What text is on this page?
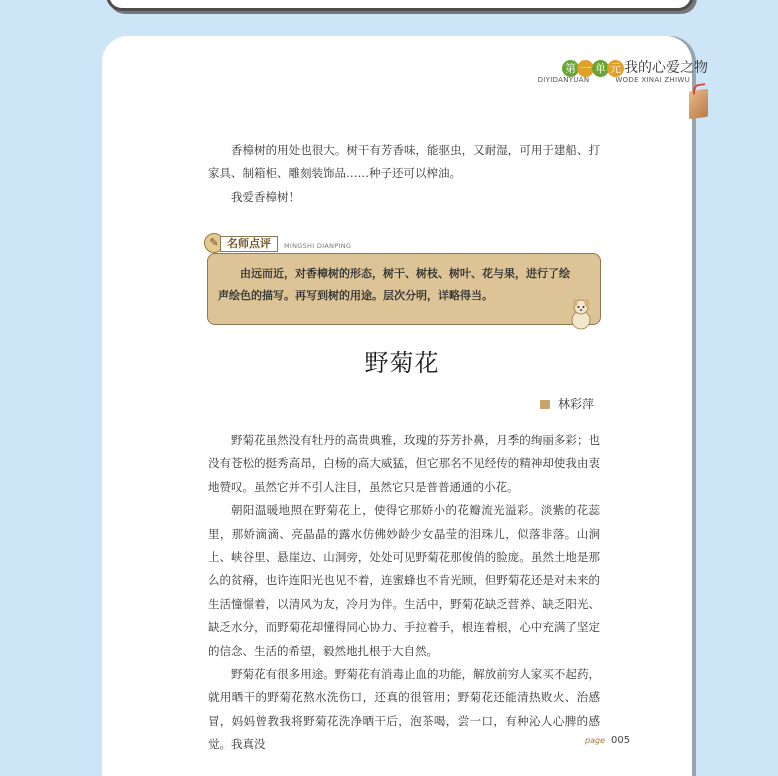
第 一 单 元 我的心爱之物
DIYIDANYUAN	WODE XINAI ZHIWU

香樟树的用处也很大。树干有芳香味，能驱虫，又耐湿，可用于建船、打家具、制箱柜、雕刻装饰品……种子还可以榨油。

我爱香樟树！

✎ 名师点评	MINGSHI DIANPING

由远而近，对香樟树的形态，树干、树枝、树叶、花与果，进行了绘声绘色的描写。再写到树的用途。层次分明，详略得当。

野菊花
林彩萍

野菊花虽然没有牡丹的高贵典雅，玫瑰的芬芳扑鼻，月季的绚丽多彩；也没有苍松的挺秀高昂，白杨的高大威猛，但它那名不见经传的精神却使我由衷地赞叹。虽然它并不引人注目，虽然它只是普普通通的小花。

朝阳温暖地照在野菊花上，使得它那娇小的花瓣流光溢彩。淡紫的花蕊里，那娇滴滴、亮晶晶的露水仿佛妙龄少女晶莹的泪珠儿，似落非落。山涧上、峡谷里、悬崖边、山洞旁，处处可见野菊花那俊俏的脸庞。虽然土地是那么的贫瘠，也许连阳光也见不着，连蜜蜂也不肯光顾，但野菊花还是对未来的生活憧憬着，以清风为友，冷月为伴。生活中，野菊花缺乏营养、缺乏阳光、缺乏水分，而野菊花却懂得同心协力、手拉着手，根连着根，心中充满了坚定的信念、生活的希望，毅然地扎根于大自然。

野菊花有很多用途。野菊花有消毒止血的功能，解放前穷人家买不起药，就用晒干的野菊花熬水洗伤口，还真的很管用；野菊花还能清热败火、治感冒，妈妈曾教我将野菊花洗净晒干后，泡茶喝，尝一口，有种沁人心脾的感觉。我真没	page 005
